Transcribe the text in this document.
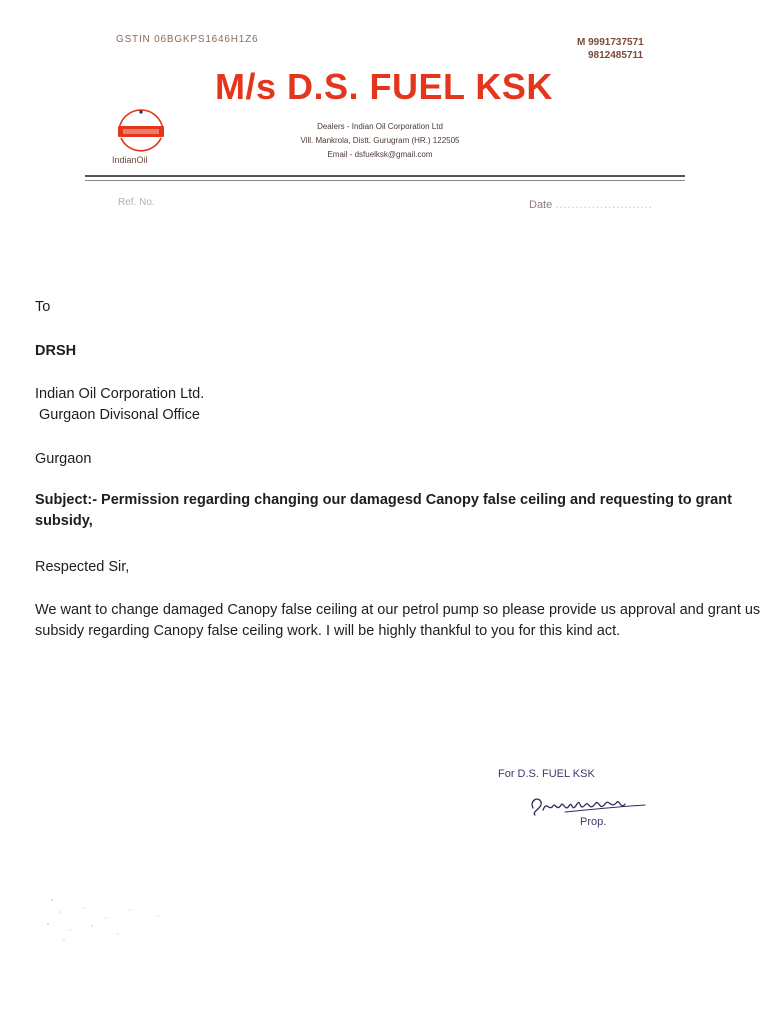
GSTIN 06BGKPS1646H1Z6	M 9991737571
9812485711
M/s D.S. FUEL KSK
IndianOil
Dealers - Indian Oil Corporation Ltd
Vill. Mankrola, Distt. Gurugram (HR.) 122505
Email - dsfuelksk@gmail.com
Ref. No.	Date ........................
To
DRSH
Indian Oil Corporation Ltd.
Gurgaon Divisonal Office
Gurgaon
Subject:- Permission regarding changing our damagesd Canopy false ceiling and requesting to grant subsidy,
Respected Sir,
We want to change damaged Canopy false ceiling at our petrol pump so please provide us approval and grant us subsidy regarding Canopy false ceiling work. I will be highly thankful to you for this kind act.
For D.S. FUEL KSK
Prop.
